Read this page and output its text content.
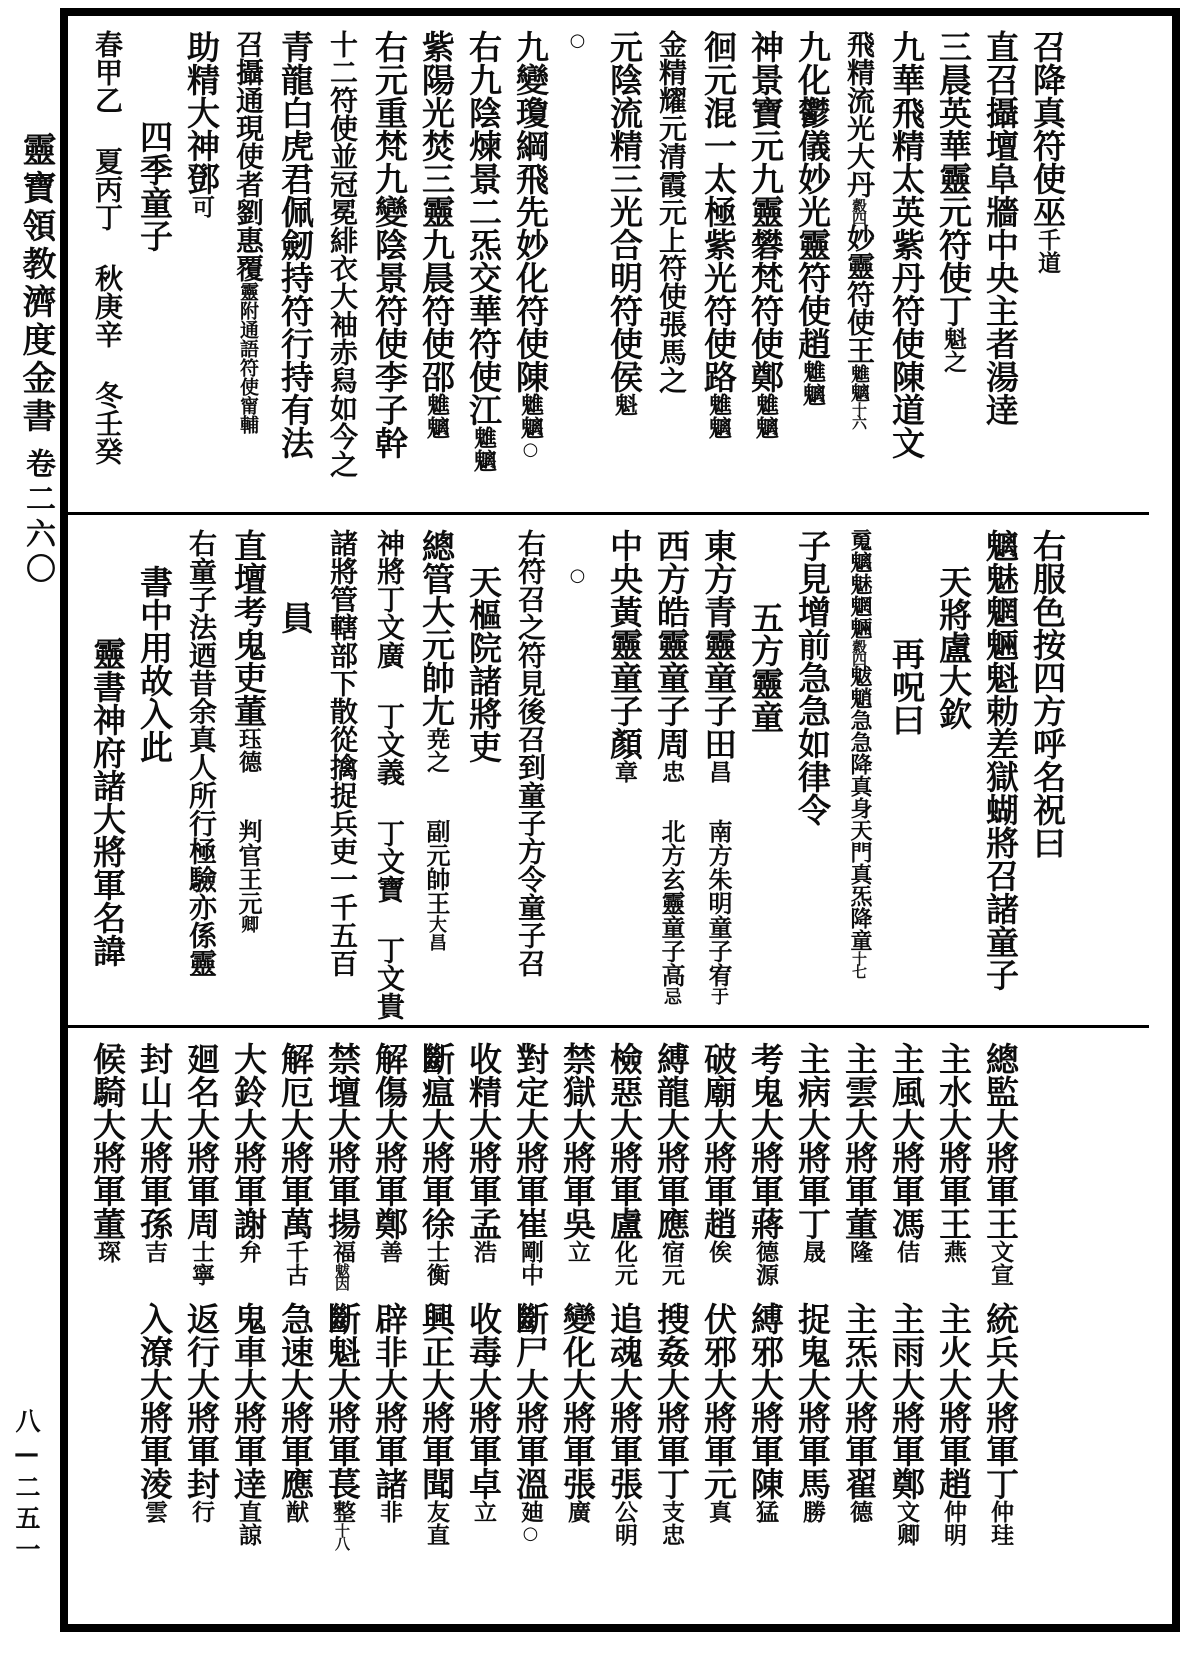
靈寶領教濟度金書
卷二六〇
八—二五一
召降真符使巫千道
直召攝壇阜牆中央主者湯逹
三晨英華靈元符使丁魁之
九華飛精太英紫丹符使陳道文
飛精流光大丹縠四妙靈符使王魋魑十六
九化鬱儀妙光靈符使趙魋魑
神景寶元九靈礬梵符使鄭魋魑
徊元混一太極紫光符使路魋魑
金精耀元清霞元上符使張馬之
元陰流精三光合明符使侯魁
○
九變瓊綱飛先妙化符使陳魋魑○
右九陰煉景二炁交華符使江魋魑
紫陽光焚三靈九晨符使邵魋魑
右元重梵九變陰景符使李子幹
十二符使並冠冕緋衣大袖赤舄如今之
青龍白虎君佩劒持符行持有法
召攝通現使者劉惠覆靈附通語符使甯輔
助精大神鄧可
四季童子
春甲乙 夏丙丁 秋庚辛 冬壬癸
右服色按四方呼名祝曰
魑魅魍魎魁勅差獄蝴將召諸童子
天將盧大欽
再呪曰
䰟魑魅魍魎縠四魃魈急急降真身天門真炁降童十七
子見增前急急如律令
五方靈童
東方青靈童子田昌南方朱明童子宥于
西方皓靈童子周忠北方玄靈童子高忌
中央黃靈童子顏章
○
右符召之符見後召到童子方令童子召
天樞院諸將吏
總管大元帥尢尭之副元帥王大昌
神將丁文廣 丁文義 丁文寶 丁文貴
諸將管轄部下散從擒捉兵吏一千五百
員
直壇考鬼吏董珏德判官王元卿
右童子法迺昔余真人所行極驗亦係靈
書中用故入此
靈書神府諸大將軍名諱
總監大將軍王文宣統兵大將軍丁仲珪
主水大將軍王燕主火大將軍趙仲明
主風大將軍馮佶主雨大將軍鄭文卿
主雲大將軍董隆主炁大將軍翟德
主病大將軍丁晟捉鬼大將軍馬勝
考鬼大將軍蔣德源縛邪大將軍陳猛
破廟大將軍趙俟伏邪大將軍元真
縛龍大將軍應宿元搜姦大將軍丁支忠
檢惡大將軍盧化元追魂大將軍張公明
禁獄大將軍吳立變化大將軍張廣
對定大將軍崔剛中斷尸大將軍溫廸○
收精大將軍孟浩收毒大將軍卓立
斷瘟大將軍徐士衡興正大將軍聞友直
解傷大將軍鄭善辟非大將軍諸非
禁壇大將軍揚福魃因斷魁大將軍萇整十八
解厄大將軍萬千古急速大將軍應猷
大鈴大將軍謝弁鬼車大將軍逹直諒
廻名大將軍周士寧返行大將軍封行
封山大將軍孫吉入潦大將軍淩雲
候騎大將軍董琛
